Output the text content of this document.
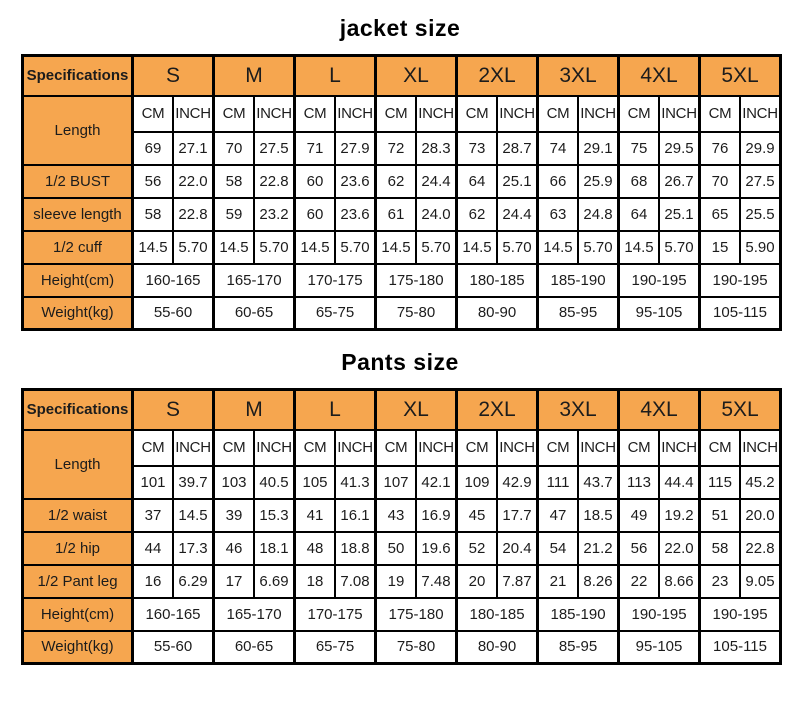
jacket size
Specifications	S		M		L		XL		2XL		3XL		4XL		5XL	
Length	CM	INCH	CM	INCH	CM	INCH	CM	INCH	CM	INCH	CM	INCH	CM	INCH	CM	INCH
	69	27.1	70	27.5	71	27.9	72	28.3	73	28.7	74	29.1	75	29.5	76	29.9
1/2 BUST	56	22.0	58	22.8	60	23.6	62	24.4	64	25.1	66	25.9	68	26.7	70	27.5
sleeve length	58	22.8	59	23.2	60	23.6	61	24.0	62	24.4	63	24.8	64	25.1	65	25.5
1/2 cuff	14.5	5.70	14.5	5.70	14.5	5.70	14.5	5.70	14.5	5.70	14.5	5.70	14.5	5.70	15	5.90
Height(cm)	160-165		165-170		170-175		175-180		180-185		185-190		190-195		190-195	
Weight(kg)	55-60		60-65		65-75		75-80		80-90		85-95		95-105		105-115	
Pants size
Specifications	S		M		L		XL		2XL		3XL		4XL		5XL	
Length	CM	INCH	CM	INCH	CM	INCH	CM	INCH	CM	INCH	CM	INCH	CM	INCH	CM	INCH
	101	39.7	103	40.5	105	41.3	107	42.1	109	42.9	111	43.7	113	44.4	115	45.2
1/2 waist	37	14.5	39	15.3	41	16.1	43	16.9	45	17.7	47	18.5	49	19.2	51	20.0
1/2 hip	44	17.3	46	18.1	48	18.8	50	19.6	52	20.4	54	21.2	56	22.0	58	22.8
1/2 Pant leg	16	6.29	17	6.69	18	7.08	19	7.48	20	7.87	21	8.26	22	8.66	23	9.05
Height(cm)	160-165		165-170		170-175		175-180		180-185		185-190		190-195		190-195	
Weight(kg)	55-60		60-65		65-75		75-80		80-90		85-95		95-105		105-115	
